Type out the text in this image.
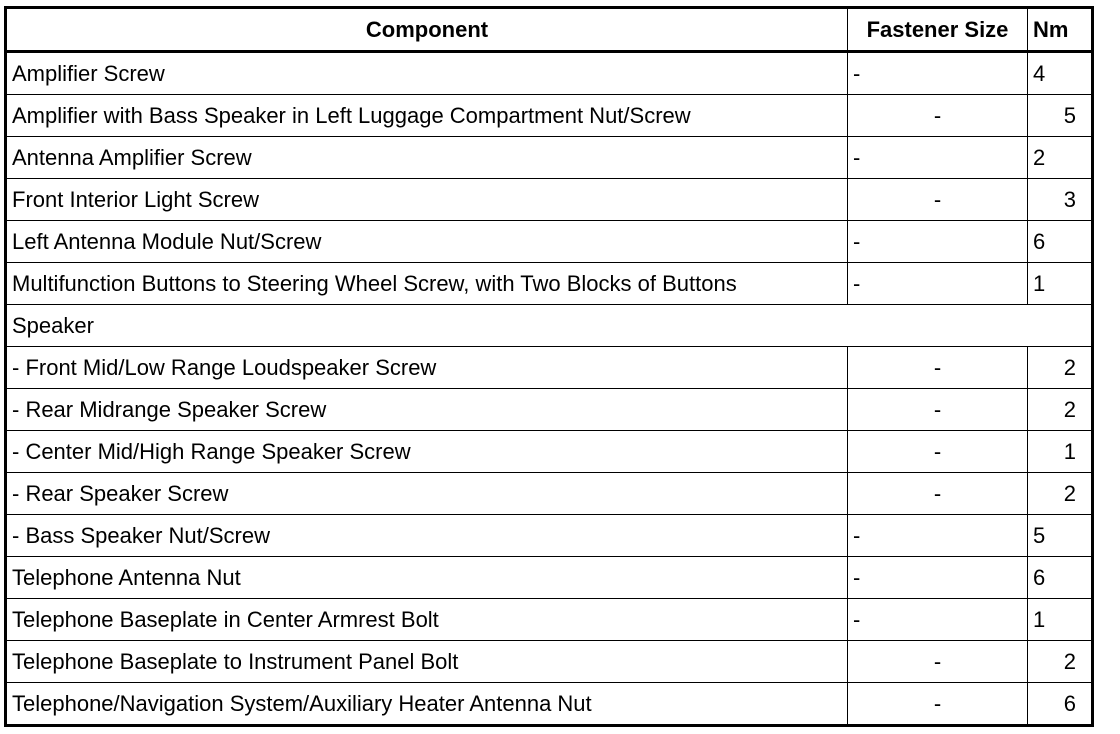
Component	Fastener Size	Nm
Amplifier Screw	-	4
Amplifier with Bass Speaker in Left Luggage Compartment Nut/Screw	-	5
Antenna Amplifier Screw	-	2
Front Interior Light Screw	-	3
Left Antenna Module Nut/Screw	-	6
Multifunction Buttons to Steering Wheel Screw, with Two Blocks of Buttons	-	1
Speaker		
- Front Mid/Low Range Loudspeaker Screw	-	2
- Rear Midrange Speaker Screw	-	2
- Center Mid/High Range Speaker Screw	-	1
- Rear Speaker Screw	-	2
- Bass Speaker Nut/Screw	-	5
Telephone Antenna Nut	-	6
Telephone Baseplate in Center Armrest Bolt	-	1
Telephone Baseplate to Instrument Panel Bolt	-	2
Telephone/Navigation System/Auxiliary Heater Antenna Nut	-	6
